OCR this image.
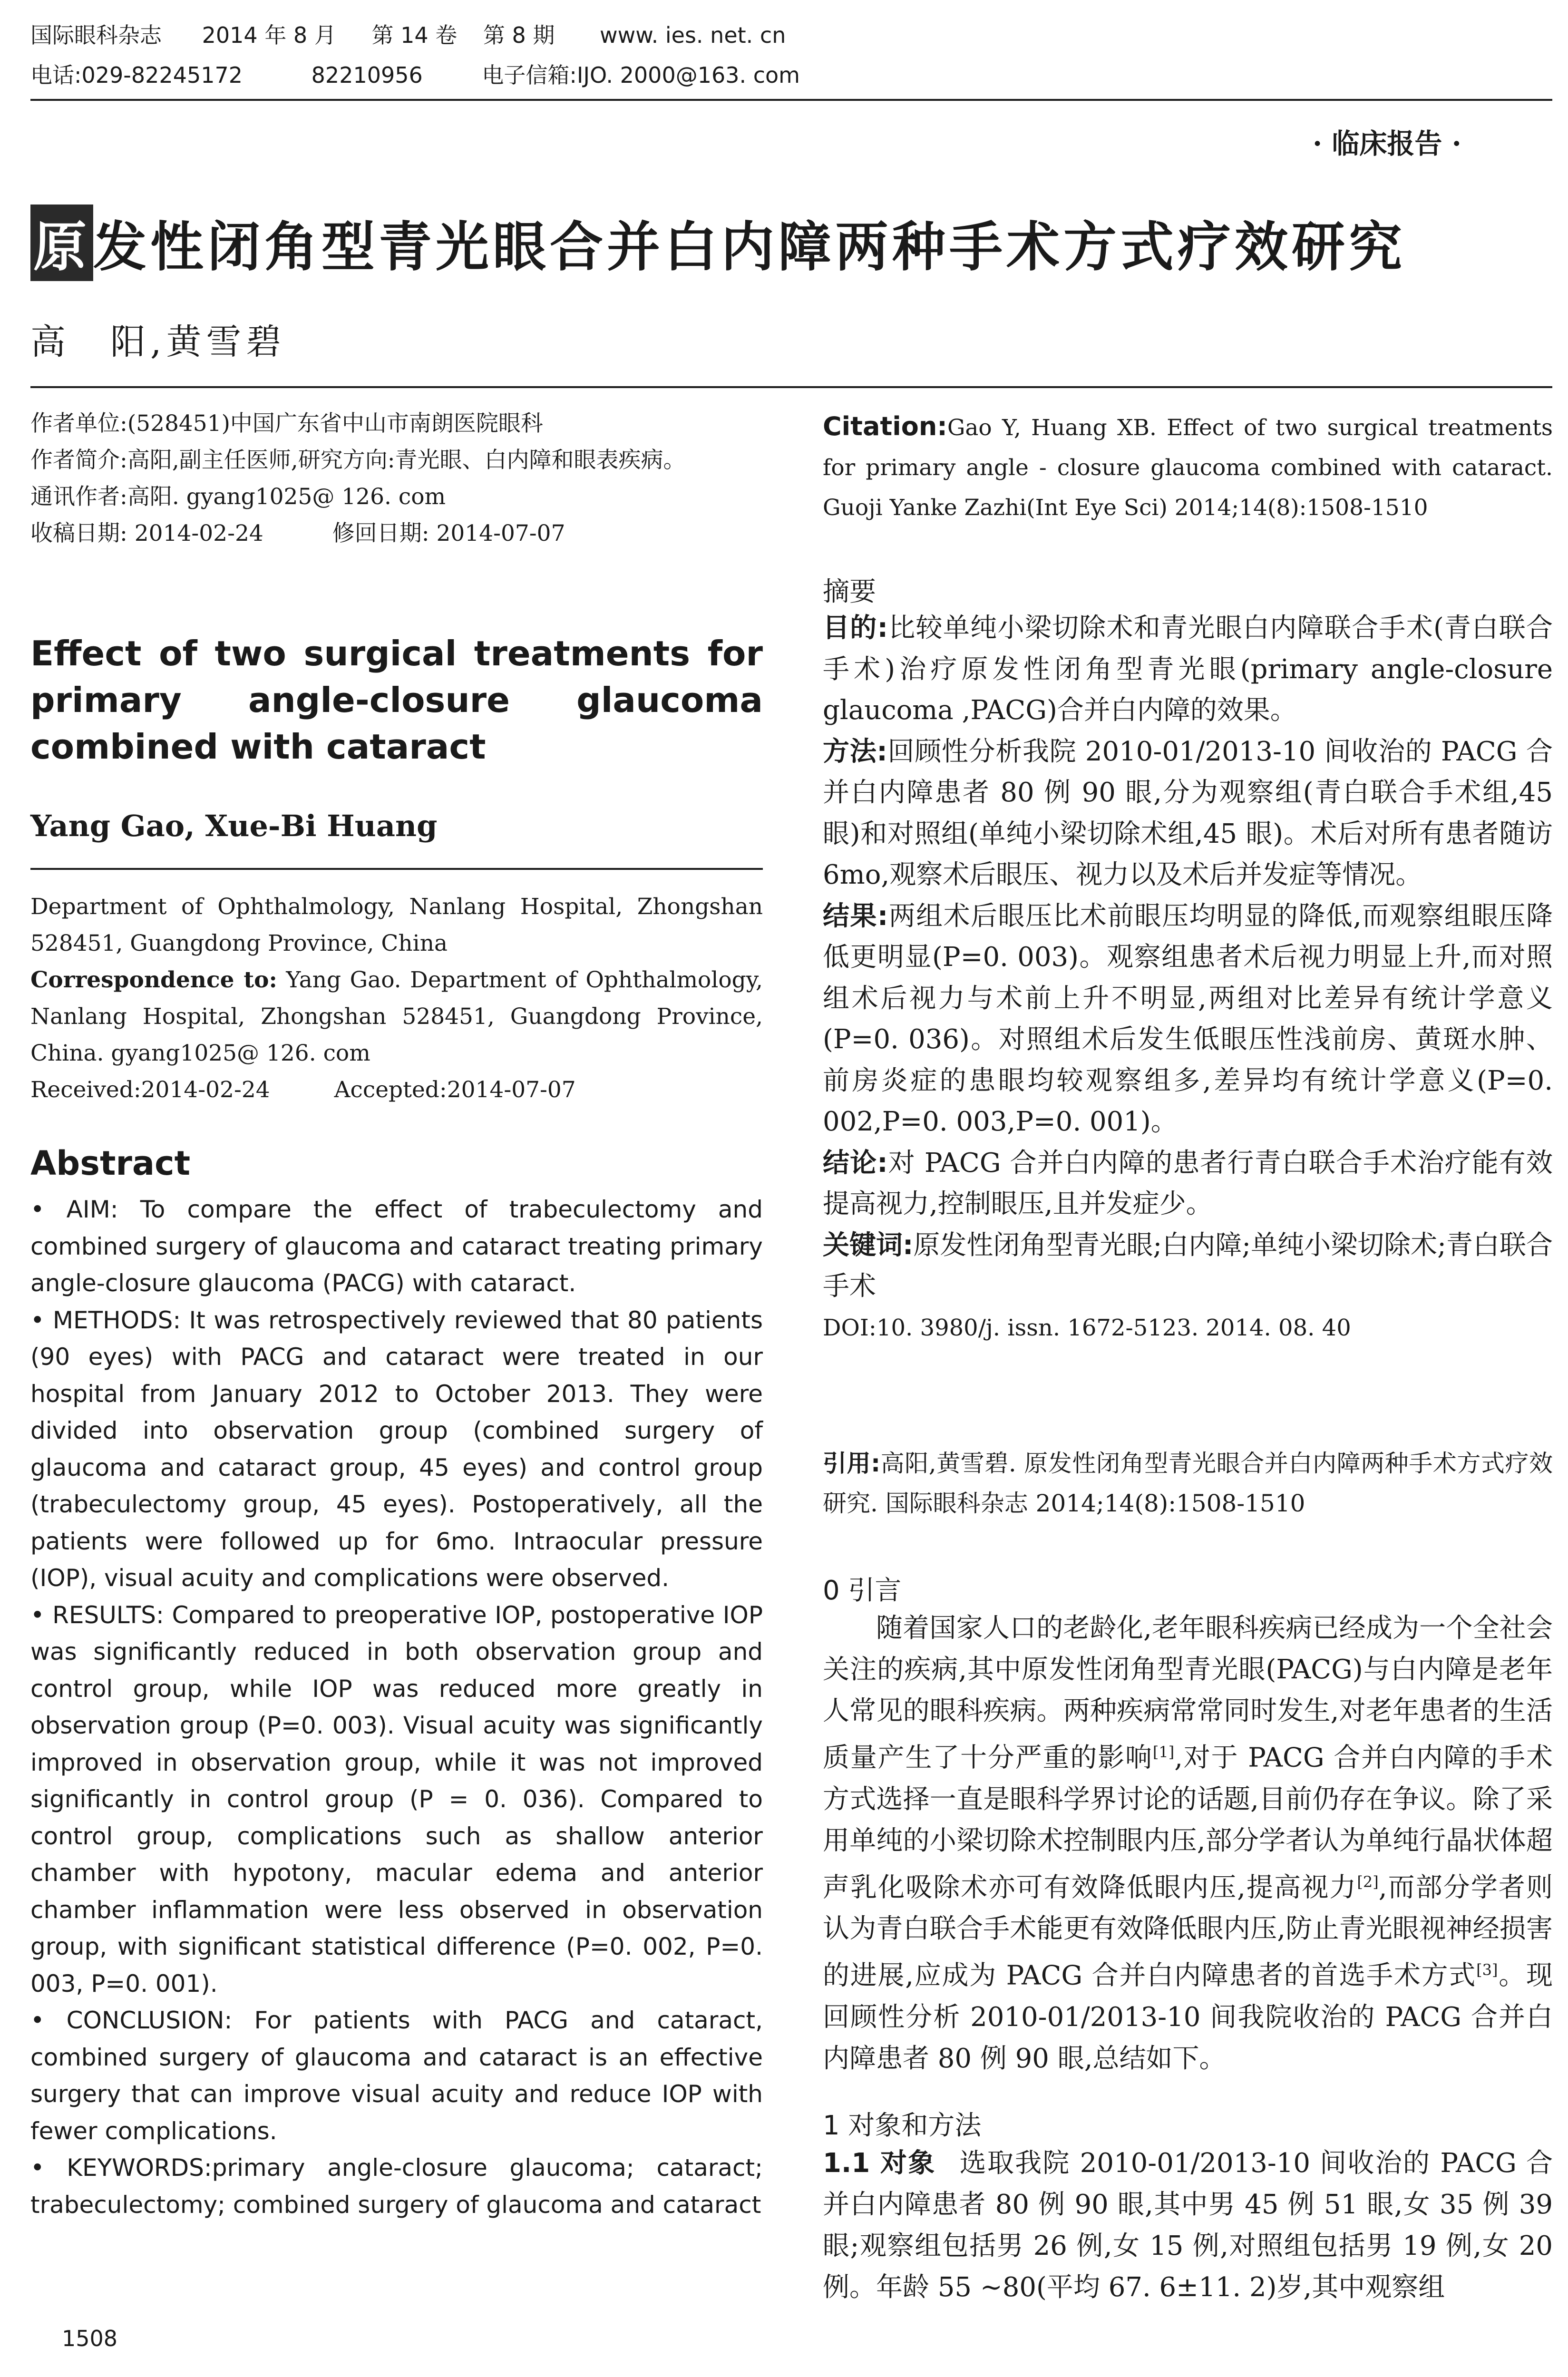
国际眼科杂志 2014 年 8 月 第 14 卷 第 8 期 www. ies. net. cn
电话:029-82245172	82210956	电子信箱:IJO. 2000@163. com
· 临床报告 ·
原发性闭角型青光眼合并白内障两种手术方式疗效研究
高　阳,黄雪碧
作者单位:(528451)中国广东省中山市南朗医院眼科
作者简介:高阳,副主任医师,研究方向:青光眼、白内障和眼表疾病。
通讯作者:高阳. gyang1025@ 126. com
收稿日期: 2014-02-24	修回日期: 2014-07-07
Effect of two surgical treatments for primary angle-closure glaucoma combined with cataract
Yang Gao, Xue-Bi Huang
Department of Ophthalmology, Nanlang Hospital, Zhongshan 528451, Guangdong Province, China
Correspondence to: Yang Gao. Department of Ophthalmology, Nanlang Hospital, Zhongshan 528451, Guangdong Province, China. gyang1025@ 126. com
Received:2014-02-24	Accepted:2014-07-07
Abstract

• AIM: To compare the effect of trabeculectomy and combined surgery of glaucoma and cataract treating primary angle-closure glaucoma (PACG) with cataract.

• METHODS: It was retrospectively reviewed that 80 patients (90 eyes) with PACG and cataract were treated in our hospital from January 2012 to October 2013. They were divided into observation group (combined surgery of glaucoma and cataract group, 45 eyes) and control group (trabeculectomy group, 45 eyes). Postoperatively, all the patients were followed up for 6mo. Intraocular pressure (IOP), visual acuity and complications were observed.

• RESULTS: Compared to preoperative IOP, postoperative IOP was significantly reduced in both observation group and control group, while IOP was reduced more greatly in observation group (P=0. 003). Visual acuity was significantly improved in observation group, while it was not improved significantly in control group (P = 0. 036). Compared to control group, complications such as shallow anterior chamber with hypotony, macular edema and anterior chamber inflammation were less observed in observation group, with significant statistical difference (P=0. 002, P=0. 003, P=0. 001).

• CONCLUSION: For patients with PACG and cataract, combined surgery of glaucoma and cataract is an effective surgery that can improve visual acuity and reduce IOP with fewer complications.

• KEYWORDS:primary angle-closure glaucoma; cataract; trabeculectomy; combined surgery of glaucoma and cataract

1508
Citation:Gao Y, Huang XB. Effect of two surgical treatments for primary angle - closure glaucoma combined with cataract. Guoji Yanke Zazhi(Int Eye Sci) 2014;14(8):1508-1510
摘要

目的:比较单纯小梁切除术和青光眼白内障联合手术(青白联合手术)治疗原发性闭角型青光眼(primary angle-closure glaucoma ,PACG)合并白内障的效果。

方法:回顾性分析我院 2010-01/2013-10 间收治的 PACG 合并白内障患者 80 例 90 眼,分为观察组(青白联合手术组,45 眼)和对照组(单纯小梁切除术组,45 眼)。术后对所有患者随访 6mo,观察术后眼压、视力以及术后并发症等情况。

结果:两组术后眼压比术前眼压均明显的降低,而观察组眼压降低更明显(P=0. 003)。观察组患者术后视力明显上升,而对照组术后视力与术前上升不明显,两组对比差异有统计学意义(P=0. 036)。对照组术后发生低眼压性浅前房、黄斑水肿、前房炎症的患眼均较观察组多,差异均有统计学意义(P=0. 002,P=0. 003,P=0. 001)。

结论:对 PACG 合并白内障的患者行青白联合手术治疗能有效提高视力,控制眼压,且并发症少。

关键词:原发性闭角型青光眼;白内障;单纯小梁切除术;青白联合手术

DOI:10. 3980/j. issn. 1672-5123. 2014. 08. 40

引用:高阳,黄雪碧. 原发性闭角型青光眼合并白内障两种手术方式疗效研究. 国际眼科杂志 2014;14(8):1508-1510
0 引言

随着国家人口的老龄化,老年眼科疾病已经成为一个全社会关注的疾病,其中原发性闭角型青光眼(PACG)与白内障是老年人常见的眼科疾病。两种疾病常常同时发生,对老年患者的生活质量产生了十分严重的影响[1],对于 PACG 合并白内障的手术方式选择一直是眼科学界讨论的话题,目前仍存在争议。除了采用单纯的小梁切除术控制眼内压,部分学者认为单纯行晶状体超声乳化吸除术亦可有效降低眼内压,提高视力[2],而部分学者则认为青白联合手术能更有效降低眼内压,防止青光眼视神经损害的进展,应成为 PACG 合并白内障患者的首选手术方式[3]。现回顾性分析 2010-01/2013-10 间我院收治的 PACG 合并白内障患者 80 例 90 眼,总结如下。

1 对象和方法

1.1 对象 选取我院 2010-01/2013-10 间收治的 PACG 合并白内障患者 80 例 90 眼,其中男 45 例 51 眼,女 35 例 39 眼;观察组包括男 26 例,女 15 例,对照组包括男 19 例,女 20 例。年龄 55 ~80(平均 67. 6±11. 2)岁,其中观察组
